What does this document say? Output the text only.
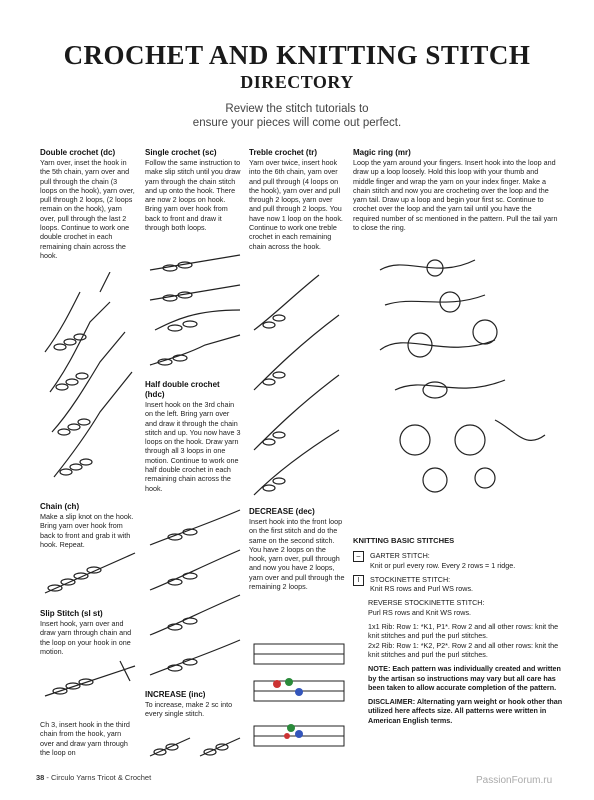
CROCHET AND KNITTING STITCH
DIRECTORY
Review the stitch tutorials to
ensure your pieces will come out perfect.
Double crochet (dc)

Yarn over, inset the hook in the 5th chain, yarn over and pull through the chain (3 loops on the hook), yarn over, pull through 2 loops, (2 loops remain on the hook), yarn over, pull through the last 2 loops. Continue to work one double crochet in each remaining chain across the hook.

Chain (ch)

Make a slip knot on the hook. Bring yarn over hook from back to front and grab it with hook. Repeat.

Slip Stitch (sl st)

Insert hook, yarn over and draw yarn through chain and the loop on your hook in one motion.

Ch 3, insert hook in the third chain from the hook, yarn over and draw yarn through the loop on

Single crochet (sc)

Follow the same instruction to make slip stitch until you draw yarn through the chain stitch and up onto the hook. There are now 2 loops on hook. Bring yarn over hook from back to front and draw it through both loops.

Half double crochet (hdc)

Insert hook on the 3rd chain on the left. Bring yarn over and draw it through the chain stitch and up. You now have 3 loops on the hook. Draw yarn through all 3 loops in one motion. Continue to work one half double crochet in each remaining chain across the hook.

INCREASE (inc)

To increase, make 2 sc into every single stitch.

Treble crochet (tr)

Yarn over twice, insert hook into the 6th chain, yarn over and pull through (4 loops on the hook), yarn over and pull through 2 loops, yarn over and pull through 2 loops. You have now 1 loop on the hook. Continue to work one treble crochet in each remaining chain across the hook.

DECREASE (dec)

Insert hook into the front loop on the first stitch and do the same on the second stitch. You have 2 loops on the hook, yarn over, pull through and now you have 2 loops, yarn over and pull through the remaining 2 loops.

Magic ring (mr)

Loop the yarn around your fingers. Insert hook into the loop and draw up a loop loosely. Hold this loop with your thumb and middle finger and wrap the yarn on your index finger. Make a chain stitch and now you are crocheting over the loop and the yarn tail. Draw up a loop and begin your first sc. Continue to crochet over the loop and the yarn tail until you have the required number of sc mentioned in the pattern. Pull the tail yarn to close the ring.

KNITTING BASIC STITCHES
–	GARTER STITCH:
Knit or purl every row. Every 2 rows = 1 ridge.
I	STOCKINETTE STITCH:
Knit RS rows and Purl WS rows.
REVERSE STOCKINETTE STITCH:
Purl RS rows and Knit WS rows.
1x1 Rib: Row 1: *K1, P1*. Row 2 and all other rows: knit the knit stitches and purl the purl stitches.
2x2 Rib: Row 1: *K2, P2*. Row 2 and all other rows: knit the knit stitches and purl the purl stitches.
NOTE: Each pattern was individually created and written by the artisan so instructions may vary but all care has been taken to allow accurate completion of the pattern.
DISCLAIMER: Alternating yarn weight or hook other than utilized here affects size. All patterns were written in American English terms.
38 - Circulo Yarns Tricot & Crochet	PassionForum.ru
